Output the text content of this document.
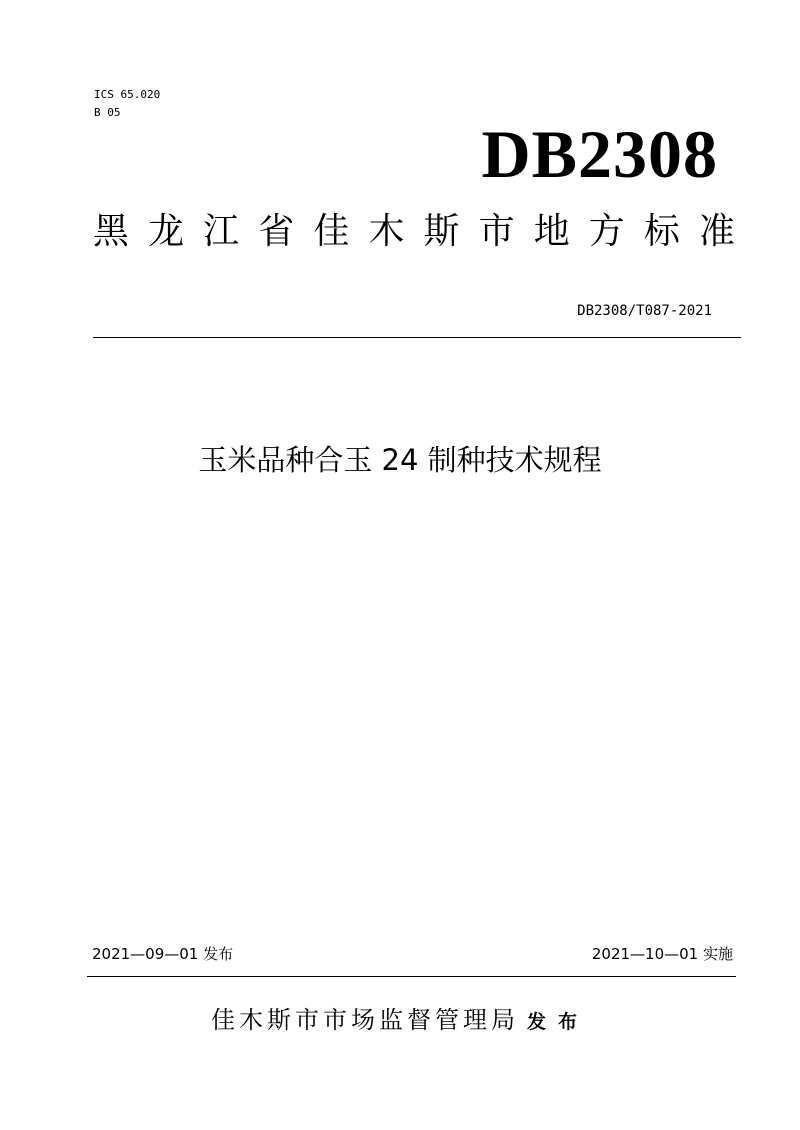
ICS 65.020
B 05
DB2308
黑龙江省佳木斯市地方标准
DB2308/T087-2021
玉米品种合玉 24 制种技术规程
2021—09—01 发布	2021—10—01 实施
佳木斯市市场监督管理局 发布
